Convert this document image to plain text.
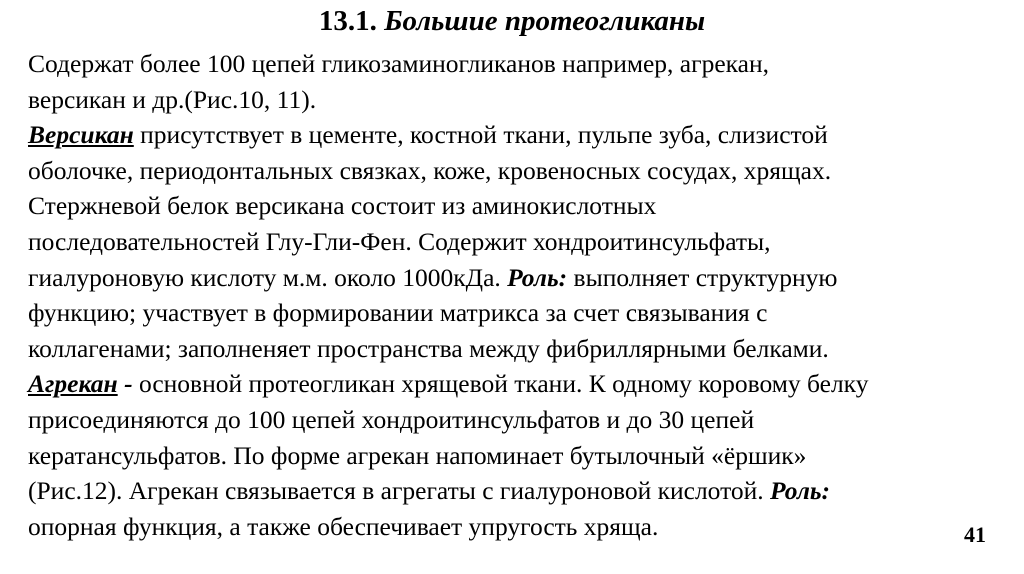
13.1. Большие протеогликаны
Содержат более 100 цепей гликозаминогликанов например, агрекан,
версикан и др.(Рис.10, 11).
Версикан присутствует в цементе, костной ткани, пульпе зуба, слизистой
оболочке, периодонтальных связках, коже, кровеносных сосудах, хрящах.
Стержневой белок версикана состоит из аминокислотных
последовательностей Глу-Гли-Фен. Содержит хондроитинсульфаты,
гиалуроновую кислоту м.м. около 1000кДа. Роль: выполняет структурную
функцию; участвует в формировании матрикса за счет связывания с
коллагенами; заполненяет пространства между фибриллярными белками.
Агрекан - основной протеогликан хрящевой ткани. К одному коровому белку
присоединяются до 100 цепей хондроитинсульфатов и до 30 цепей
кератансульфатов. По форме агрекан напоминает бутылочный «ёршик»
(Рис.12). Агрекан связывается в агрегаты с гиалуроновой кислотой. Роль:
опорная функция, а также обеспечивает упругость хряща.	41
